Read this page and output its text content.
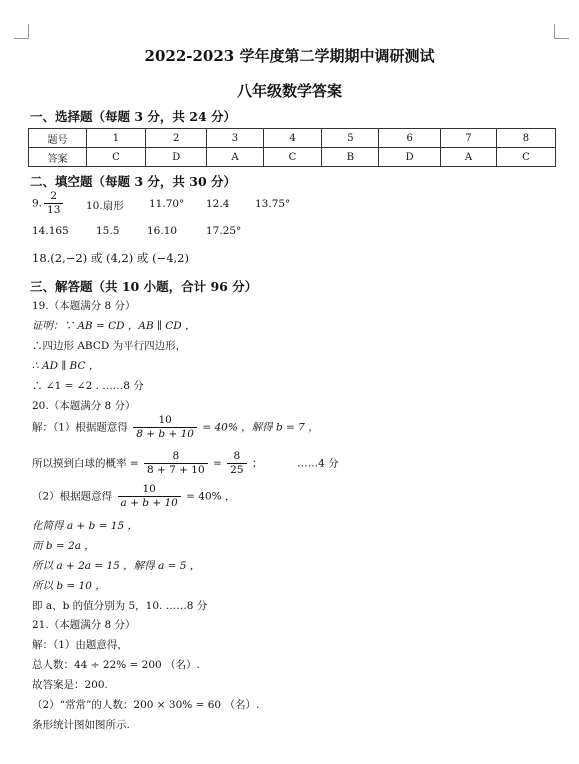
2022-2023 学年度第二学期期中调研测试
八年级数学答案
一、选择题（每题 3 分，共 24 分）
题号	1	2	3	4	5	6	7	8
答案	C	D	A	C	B	D	A	C
二、填空题（每题 3 分，共 30 分）
9. $\frac{2}{13} 10$.扇形 11.70° 12.4 13.75°
14.165	15.5	16.10	17.25°
18.(2,−2) 或 (4,2) 或 (−4,2)
三、解答题（共 10 小题，合计 96 分）
19.（本题满分 8 分）
证明：∵ AB = CD ，AB ∥ CD ，
∴四边形 ABCD 为平行四边形，
∴ AD ∥ BC ，
∴ ∠1 = ∠2 . ……8 分
20.（本题满分 8 分）
解：（1）根据题意得 $\frac{10}{8 + b + 10} = 40\%$ ，解得 b = 7 ，
所以摸到白球的概率 = $\frac{8}{8 + 7 + 10} = \frac{8}{25}$ ；	……4 分
（2）根据题意得 $\frac{10}{a + b + 10} = 40\%$ ，
化简得 a + b = 15 ，
而 b = 2a ，
所以 a + 2a = 15 ，解得 a = 5 ，
所以 b = 10 ，
即 a、b 的值分别为 5，10. ……8 分
21.（本题满分 8 分）
解：（1）由题意得，
总人数：44 ÷ 22% = 200 （名）.
故答案是：200.
（2）“常常”的人数：200 × 30% = 60 （名）.
条形统计图如图所示.
